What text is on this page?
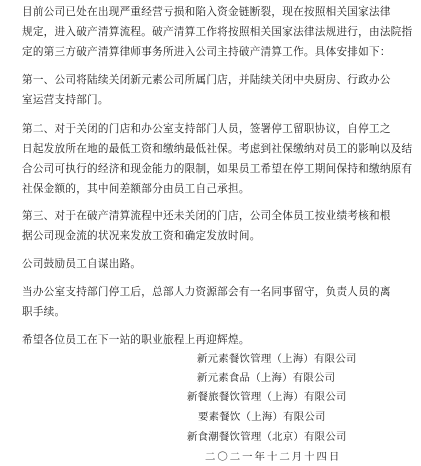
目前公司已处在出现严重经营亏损和陷入资金链断裂，现在按照相关国家法律
规定，进入破产清算流程。破产清算工作将按照相关国家法律法规进行，由法院指
定的第三方破产清算律师事务所进入公司主持破产清算工作。具体安排如下：
第一、公司将陆续关闭新元素公司所属门店，并陆续关闭中央厨房、行政办公
室运营支持部门。
第二、对于关闭的门店和办公室支持部门人员，签署停工留职协议，自停工之
日起发放所在地的最低工资和缴纳最低社保。考虑到社保缴纳对员工的影响以及结
合公司可执行的经济和现金能力的限制，如果员工希望在停工期间保持和缴纳原有
社保金额的，其中间差额部分由员工自己承担。
第三、对于在破产清算流程中还未关闭的门店，公司全体员工按业绩考核和根
据公司现金流的状况来发放工资和确定发放时间。
公司鼓励员工自谋出路。
当办公室支持部门停工后，总部人力资源部会有一名同事留守，负责人员的离
职手续。
希望各位员工在下一站的职业旅程上再迎辉煌。
新元素餐饮管理（上海）有限公司
新元素食品（上海）有限公司
新餐旅餐饮管理（上海）有限公司
要素餐饮（上海）有限公司
新食潮餐饮管理（北京）有限公司
二〇二一年十二月十四日
